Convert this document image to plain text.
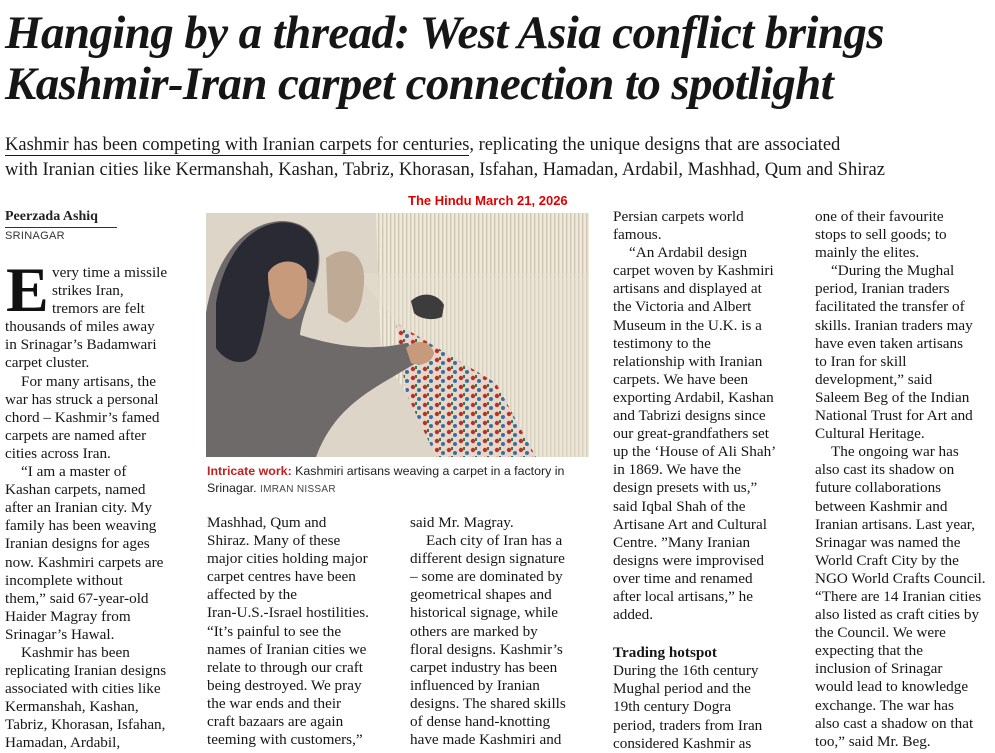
Hanging by a thread: West Asia conflict brings
Kashmir-Iran carpet connection to spotlight
Kashmir has been competing with Iranian carpets for centuries, replicating the unique designs that are associated
with Iranian cities like Kermanshah, Kashan, Tabriz, Khorasan, Isfahan, Hamadan, Ardabil, Mashhad, Qum and Shiraz
The Hindu March 21, 2026
Peerzada Ashiq
SRINAGAR
E very time a missile
strikes Iran,
tremors are felt
thousands of miles away
in Srinagar’s Badamwari
carpet cluster.
For many artisans, the
war has struck a personal
chord – Kashmir’s famed
carpets are named after
cities across Iran.
“I am a master of
Kashan carpets, named
after an Iranian city. My
family has been weaving
Iranian designs for ages
now. Kashmiri carpets are
incomplete without
them,” said 67-year-old
Haider Magray from
Srinagar’s Hawal.
Kashmir has been
replicating Iranian designs
associated with cities like
Kermanshah, Kashan,
Tabriz, Khorasan, Isfahan,
Hamadan, Ardabil,
Intricate work: Kashmiri artisans weaving a carpet in a factory in
Srinagar. IMRAN NISSAR
Mashhad, Qum and
Shiraz. Many of these
major cities holding major
carpet centres have been
affected by the
Iran-U.S.-Israel hostilities.
“It’s painful to see the
names of Iranian cities we
relate to through our craft
being destroyed. We pray
the war ends and their
craft bazaars are again
teeming with customers,”
said Mr. Magray.
Each city of Iran has a
different design signature
– some are dominated by
geometrical shapes and
historical signage, while
others are marked by
floral designs. Kashmir’s
carpet industry has been
influenced by Iranian
designs. The shared skills
of dense hand-knotting
have made Kashmiri and
Persian carpets world
famous.
“An Ardabil design
carpet woven by Kashmiri
artisans and displayed at
the Victoria and Albert
Museum in the U.K. is a
testimony to the
relationship with Iranian
carpets. We have been
exporting Ardabil, Kashan
and Tabrizi designs since
our great-grandfathers set
up the ‘House of Ali Shah’
in 1869. We have the
design presets with us,”
said Iqbal Shah of the
Artisane Art and Cultural
Centre. ”Many Iranian
designs were improvised
over time and renamed
after local artisans,” he
added.
Trading hotspot
During the 16th century
Mughal period and the
19th century Dogra
period, traders from Iran
considered Kashmir as
one of their favourite
stops to sell goods; to
mainly the elites.
“During the Mughal
period, Iranian traders
facilitated the transfer of
skills. Iranian traders may
have even taken artisans
to Iran for skill
development,” said
Saleem Beg of the Indian
National Trust for Art and
Cultural Heritage.
The ongoing war has
also cast its shadow on
future collaborations
between Kashmir and
Iranian artisans. Last year,
Srinagar was named the
World Craft City by the
NGO World Crafts Council.
“There are 14 Iranian cities
also listed as craft cities by
the Council. We were
expecting that the
inclusion of Srinagar
would lead to knowledge
exchange. The war has
also cast a shadow on that
too,” said Mr. Beg.
